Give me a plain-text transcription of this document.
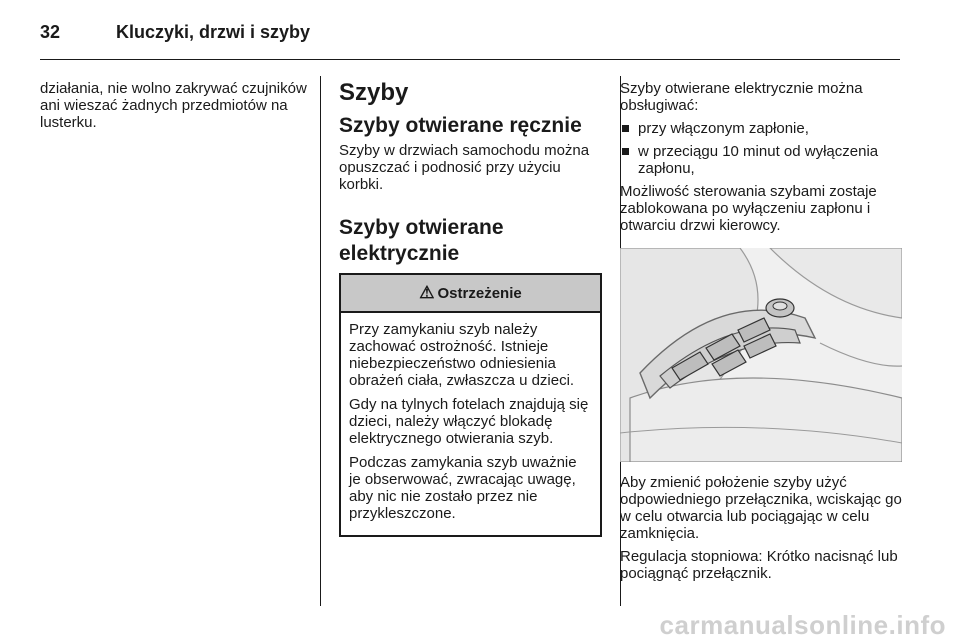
32	Kluczyki, drzwi i szyby

działania, nie wolno zakrywać czujników ani wieszać żadnych przedmiotów na lusterku.

Szyby
Szyby otwierane ręcznie

Szyby w drzwiach samochodu można opuszczać i podnosić przy użyciu korbki.

Szyby otwierane elektrycznie
⚠ Ostrzeżenie

Przy zamykaniu szyb należy zachować ostrożność. Istnieje niebezpieczeństwo odniesienia obrażeń ciała, zwłaszcza u dzieci.

Gdy na tylnych fotelach znajdują się dzieci, należy włączyć blokadę elektrycznego otwierania szyb.

Podczas zamykania szyb uważnie je obserwować, zwracając uwagę, aby nic nie zostało przez nie przykleszczone.

Szyby otwierane elektrycznie można obsługiwać:

przy włączonym zapłonie,
w przeciągu 10 minut od wyłączenia zapłonu,

Możliwość sterowania szybami zostaje zablokowana po wyłączeniu zapłonu i otwarciu drzwi kierowcy.

Aby zmienić położenie szyby użyć odpowiedniego przełącznika, wciskając go w celu otwarcia lub pociągając w celu zamknięcia.

Regulacja stopniowa: Krótko nacisnąć lub pociągnąć przełącznik.

carmanualsonline.info
